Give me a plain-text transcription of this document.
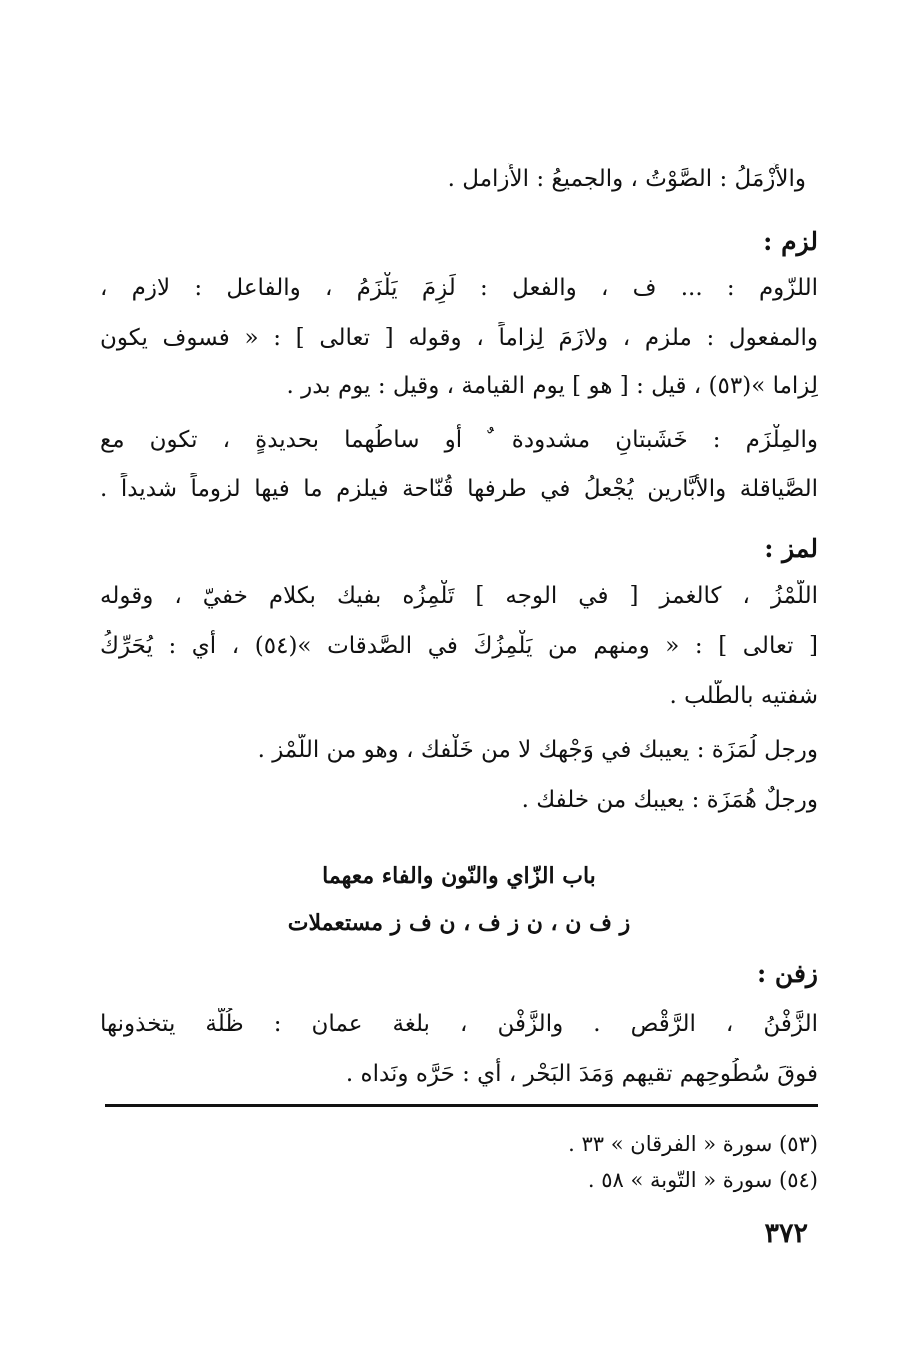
والأَزْمَلُ : الصَّوْتُ ، والجميعُ : الأَزامل .
لزم :
اللزّوم : ... ف ، والفعل : لَزِمَ يَلْزَمُ ، والفاعل : لازم ،
والمفعول : ملزم ، ولازَمَ لِزاماً ، وقوله [ تعالى ] : « فسوف يكون
لِزاما »(٥٣) ، قيل : [ هو ] يوم القيامة ، وقيل : يوم بدر .
والمِلْزَم : خَشَبتانِ مشدودة ٌ أو ساطُهما بحديدةٍ ، تكون مع
الصَّياقلة والأبَّارين يُجْعلُ في طرفها قُنّاحة فيلزم ما فيها لزوماً شديداً .
لمز :
اللَّمْزُ ، كالغمز [ في الوجه ] تَلْمِزُه بفيك بكلام خفيّ ، وقوله
[ تعالى ] : « ومنهم من يَلْمِزُكَ في الصَّدقات »(٥٤) ، أي : يُحَرِّكُ
شفتيه بالطّلب .
ورجل لُمَزَة : يعيبك في وَجْهك لا من خَلْفك ، وهو من اللَّمْز .
ورجلٌ هُمَزَة : يعيبك من خلفك .
باب الزّاي والنّون والفاء معهما
ز ف ن ، ن ز ف ، ن ف ز مستعملات
زفن :
الزَّفْنُ ، الرَّقْص . والزَّفْن ، بلغة عمان : ظُلّة يتخذونها
فوقَ سُطُوحِهم تقيهم وَمَدَ البَحْر ، أي : حَرَّه ونَداه .
(٥٣) سورة « الفرقان » ٣٣ .
(٥٤) سورة « التّوبة » ٥٨ .
٣٧٢
